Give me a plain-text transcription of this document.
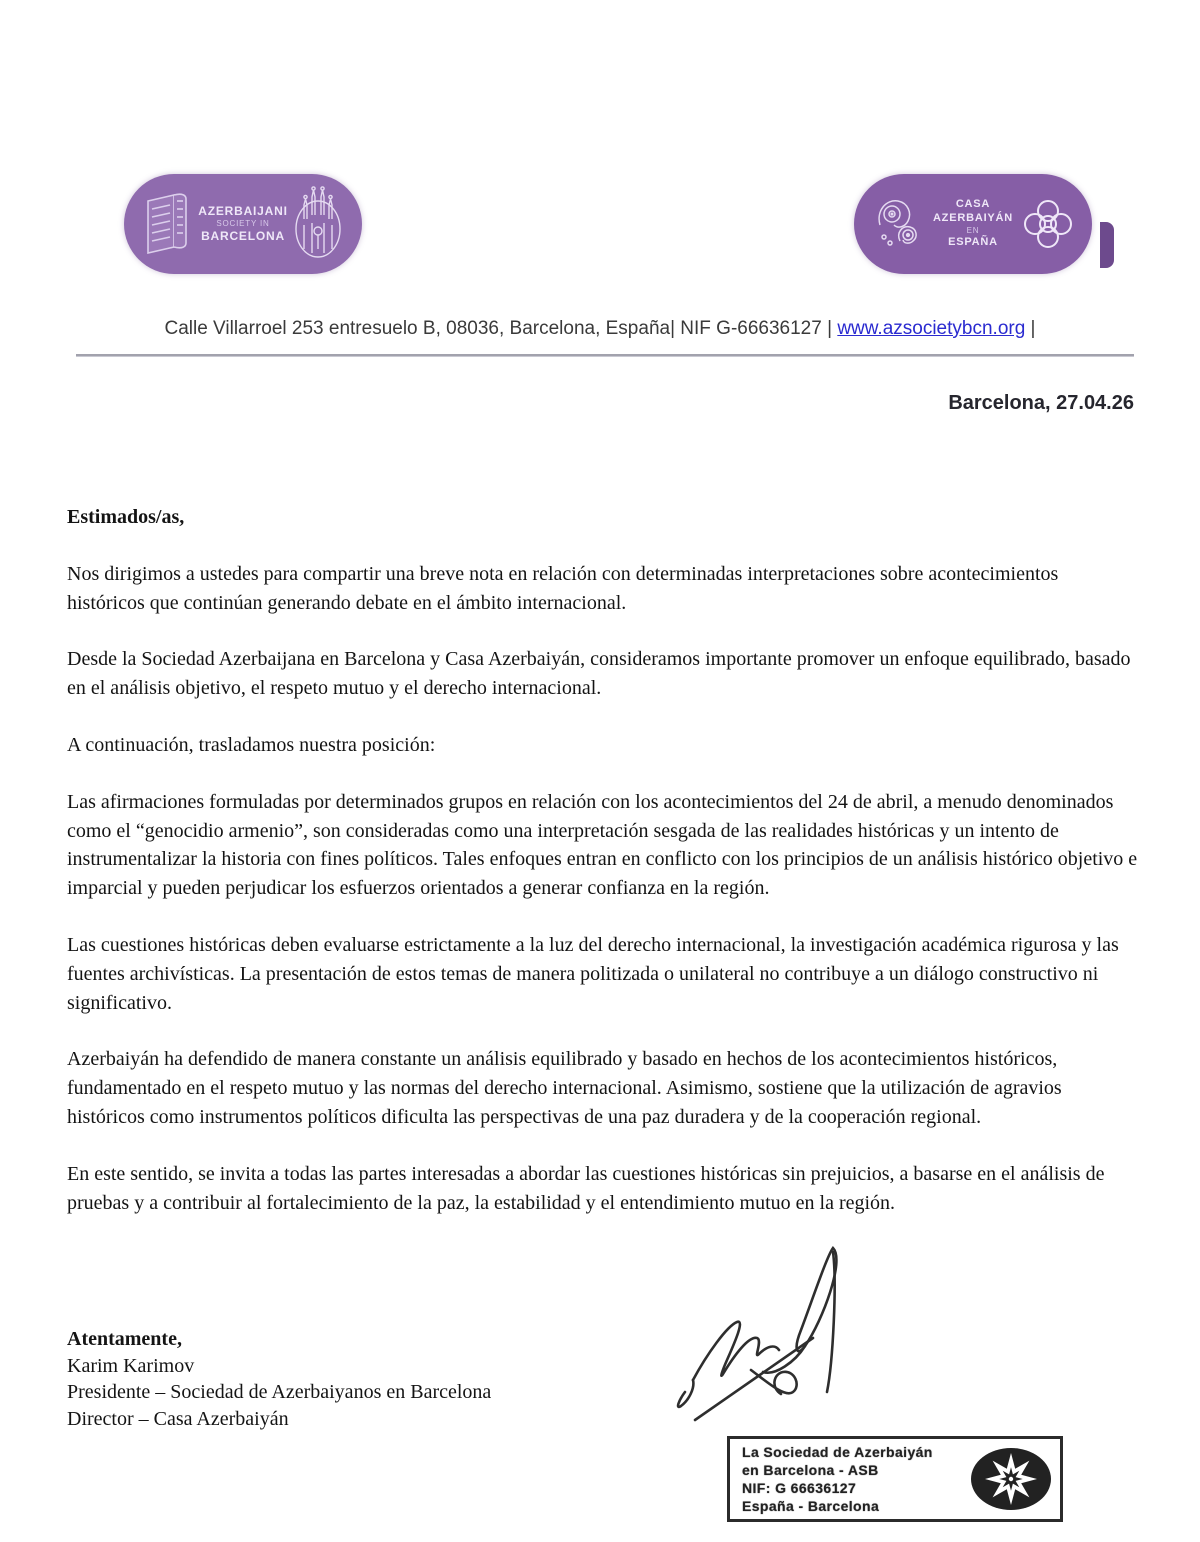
AZERBAIJANI
SOCIETY IN
BARCELONA
CASA AZERBAIYÁN
EN
ESPAÑA
Calle Villarroel 253 entresuelo B, 08036, Barcelona, España| NIF G-66636127 | www.azsocietybcn.org |
Barcelona, 27.04.26

Estimados/as,

Nos dirigimos a ustedes para compartir una breve nota en relación con determinadas interpretaciones sobre acontecimientos históricos que continúan generando debate en el ámbito internacional.

Desde la Sociedad Azerbaijana en Barcelona y Casa Azerbaiyán, consideramos importante promover un enfoque equilibrado, basado en el análisis objetivo, el respeto mutuo y el derecho internacional.

A continuación, trasladamos nuestra posición:

Las afirmaciones formuladas por determinados grupos en relación con los acontecimientos del 24 de abril, a menudo denominados como el “genocidio armenio”, son consideradas como una interpretación sesgada de las realidades históricas y un intento de instrumentalizar la historia con fines políticos. Tales enfoques entran en conflicto con los principios de un análisis histórico objetivo e imparcial y pueden perjudicar los esfuerzos orientados a generar confianza en la región.

Las cuestiones históricas deben evaluarse estrictamente a la luz del derecho internacional, la investigación académica rigurosa y las fuentes archivísticas. La presentación de estos temas de manera politizada o unilateral no contribuye a un diálogo constructivo ni significativo.

Azerbaiyán ha defendido de manera constante un análisis equilibrado y basado en hechos de los acontecimientos históricos, fundamentado en el respeto mutuo y las normas del derecho internacional. Asimismo, sostiene que la utilización de agravios históricos como instrumentos políticos dificulta las perspectivas de una paz duradera y de la cooperación regional.

En este sentido, se invita a todas las partes interesadas a abordar las cuestiones históricas sin prejuicios, a basarse en el análisis de pruebas y a contribuir al fortalecimiento de la paz, la estabilidad y el entendimiento mutuo en la región.

Atentamente,
Karim Karimov
Presidente – Sociedad de Azerbaiyanos en Barcelona
Director – Casa Azerbaiyán
La Sociedad de Azerbaiyán
en Barcelona - ASB
NIF: G 66636127
España - Barcelona
